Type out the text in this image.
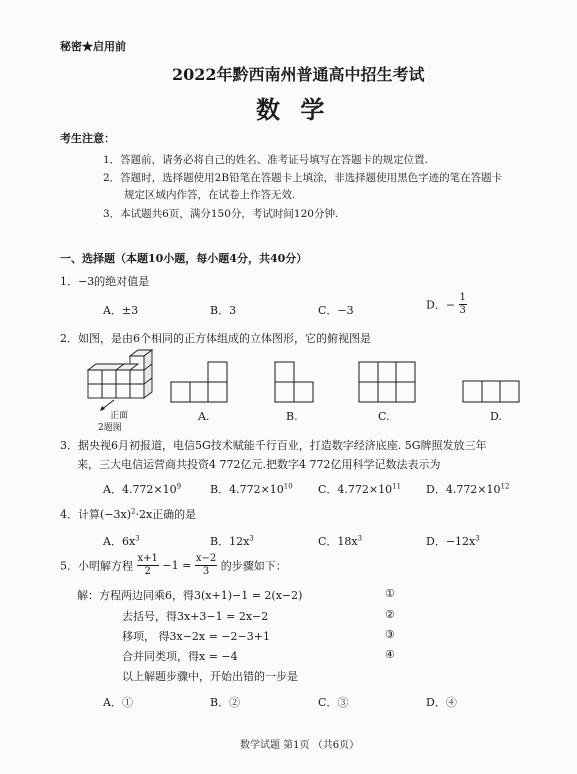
秘密★启用前
2022年黔西南州普通高中招生考试
数 学
考生注意：
1．答题前，请务必将自己的姓名、准考证号填写在答题卡的规定位置.
2．答题时，选择题使用2B铅笔在答题卡上填涂，非选择题使用黑色字迹的笔在答题卡
规定区域内作答，在试卷上作答无效.
3．本试题共6页，满分150分，考试时间120分钟.
一、选择题（本题10小题，每小题4分，共40分）
1．−3的绝对值是
A．±3	B．3	C．−3	D．− $\frac{1}{3}$
2．如图，是由6个相同的正方体组成的立体图形，它的俯视图是
正面
2题图
A.	B.	C.	D.
3．据央视6月初报道，电信5G技术赋能千行百业，打造数字经济底座. 5G牌照发放三年
来，三大电信运营商共投资4 772亿元.把数字4 772亿用科学记数法表示为
A．$4.772\times 10^9$	B．$4.772\times 10^{10}$ C．$4.772\times 10^{11}$ D．$4.772\times 10^{12}$
4．计算$(-3x)^2\cdot 2x$正确的是
A．$6x^3$	B．$12x^3$	C．$18x^3$	D．$-12x^3$
5．小明解方程 $\frac{x+1}{2} -1 = \frac{x-2}{3}$ 的步骤如下：
解：方程两边同乘6，得3(x+1)−1 = 2(x−2)	①
去括号，得3x+3−1 = 2x−2	②
移项， 得3x−2x = −2−3+1	③
合并同类项，得x = −4	④
以上解题步骤中，开始出错的一步是
A．①	B．②	C．③	D．④
数学试题 第1页 （共6页）
